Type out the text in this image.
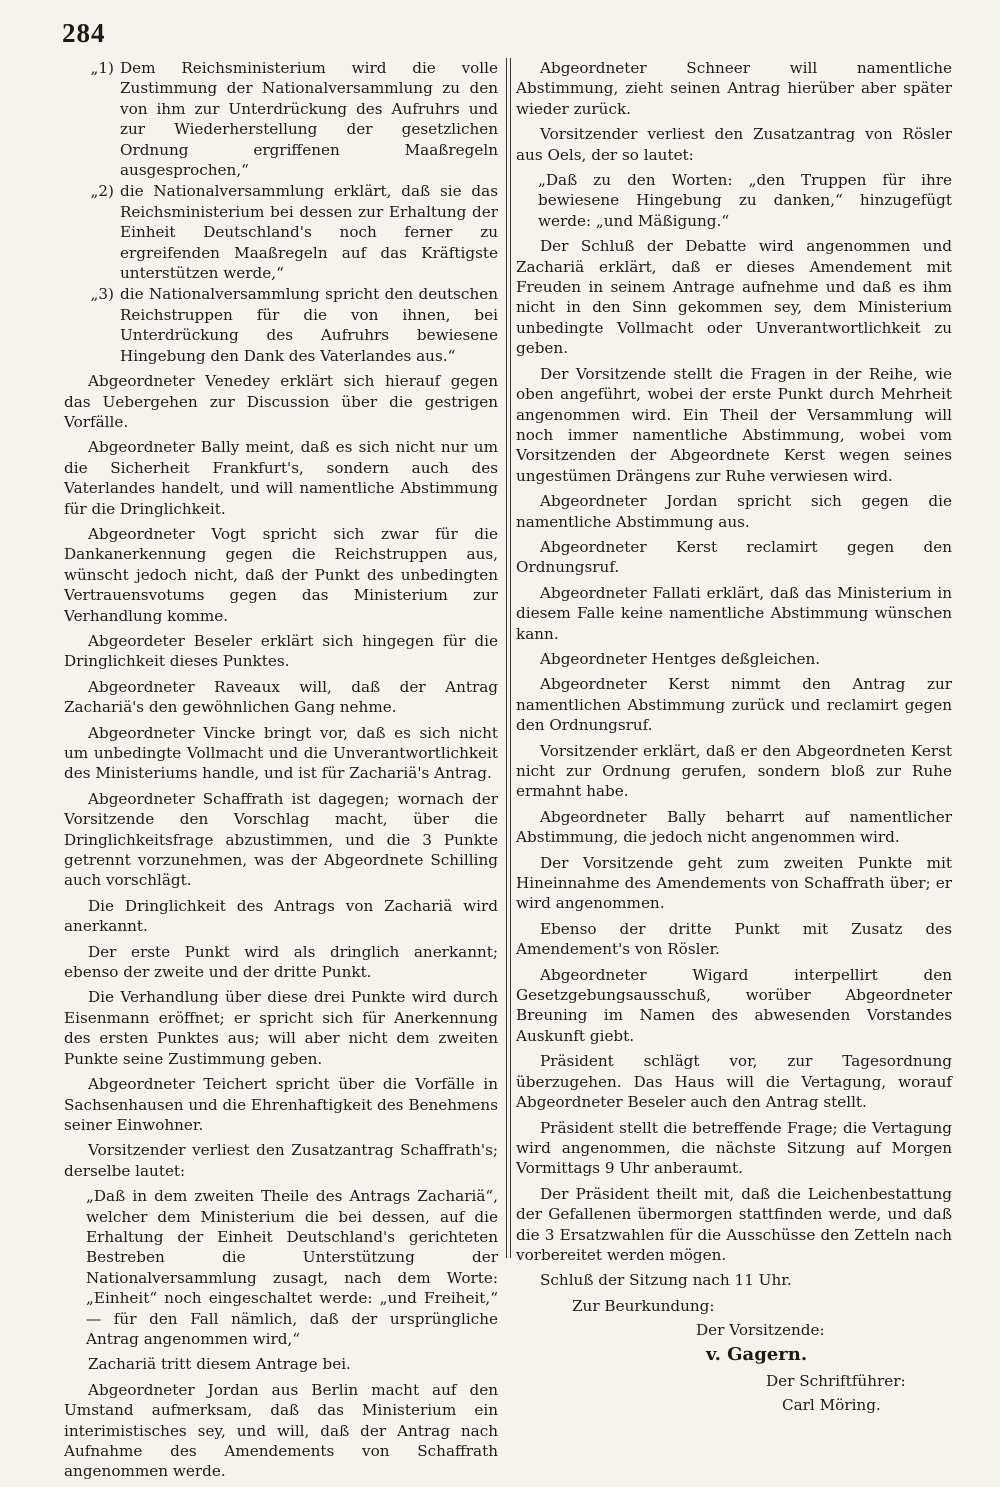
284
„1) Dem Reichsministerium wird die volle Zustimmung der Nationalversammlung zu den von ihm zur Unterdrückung des Aufruhrs und zur Wiederherstellung der gesetzlichen Ordnung ergriffenen Maaßregeln ausgesprochen,“
„2) die Nationalversammlung erklärt, daß sie das Reichsministerium bei dessen zur Erhaltung der Einheit Deutschland's noch ferner zu ergreifenden Maaßregeln auf das Kräftigste unterstützen werde,“
„3) die Nationalversammlung spricht den deutschen Reichstruppen für die von ihnen, bei Unterdrückung des Aufruhrs bewiesene Hingebung den Dank des Vaterlandes aus.“

Abgeordneter Venedey erklärt sich hierauf gegen das Uebergehen zur Discussion über die gestrigen Vorfälle.

Abgeordneter Bally meint, daß es sich nicht nur um die Sicherheit Frankfurt's, sondern auch des Vaterlandes handelt, und will namentliche Abstimmung für die Dringlichkeit.

Abgeordneter Vogt spricht sich zwar für die Dankanerkennung gegen die Reichstruppen aus, wünscht jedoch nicht, daß der Punkt des unbedingten Vertrauensvotums gegen das Ministerium zur Verhandlung komme.

Abgeordeter Beseler erklärt sich hingegen für die Dringlichkeit dieses Punktes.

Abgeordneter Raveaux will, daß der Antrag Zachariä's den gewöhnlichen Gang nehme.

Abgeordneter Vincke bringt vor, daß es sich nicht um unbedingte Vollmacht und die Unverantwortlichkeit des Ministeriums handle, und ist für Zachariä's Antrag.

Abgeordneter Schaffrath ist dagegen; wornach der Vorsitzende den Vorschlag macht, über die Dringlichkeitsfrage abzustimmen, und die 3 Punkte getrennt vorzunehmen, was der Abgeordnete Schilling auch vorschlägt.

Die Dringlichkeit des Antrags von Zachariä wird anerkannt.

Der erste Punkt wird als dringlich anerkannt; ebenso der zweite und der dritte Punkt.

Die Verhandlung über diese drei Punkte wird durch Eisenmann eröffnet; er spricht sich für Anerkennung des ersten Punktes aus; will aber nicht dem zweiten Punkte seine Zustimmung geben.

Abgeordneter Teichert spricht über die Vorfälle in Sachsenhausen und die Ehrenhaftigkeit des Benehmens seiner Einwohner.

Vorsitzender verliest den Zusatzantrag Schaffrath's; derselbe lautet:

„Daß in dem zweiten Theile des Antrags Zachariä“, welcher dem Ministerium die bei dessen, auf die Erhaltung der Einheit Deutschland's gerichteten Bestreben die Unterstützung der Nationalversammlung zusagt, nach dem Worte: „Einheit“ noch eingeschaltet werde: „und Freiheit,“ — für den Fall nämlich, daß der ursprüngliche Antrag angenommen wird,“

Zachariä tritt diesem Antrage bei.

Abgeordneter Jordan aus Berlin macht auf den Umstand aufmerksam, daß das Ministerium ein interimistisches sey, und will, daß der Antrag nach Aufnahme des Amendements von Schaffrath angenommen werde.

Abgeordneter Schneer will namentliche Abstimmung, zieht seinen Antrag hierüber aber später wieder zurück.

Vorsitzender verliest den Zusatzantrag von Rösler aus Oels, der so lautet:

„Daß zu den Worten: „den Truppen für ihre bewiesene Hingebung zu danken,“ hinzugefügt werde: „und Mäßigung.“

Der Schluß der Debatte wird angenommen und Zachariä erklärt, daß er dieses Amendement mit Freuden in seinem Antrage aufnehme und daß es ihm nicht in den Sinn gekommen sey, dem Ministerium unbedingte Vollmacht oder Unverantwortlichkeit zu geben.

Der Vorsitzende stellt die Fragen in der Reihe, wie oben angeführt, wobei der erste Punkt durch Mehrheit angenommen wird. Ein Theil der Versammlung will noch immer namentliche Abstimmung, wobei vom Vorsitzenden der Abgeordnete Kerst wegen seines ungestümen Drängens zur Ruhe verwiesen wird.

Abgeordneter Jordan spricht sich gegen die namentliche Abstimmung aus.

Abgeordneter Kerst reclamirt gegen den Ordnungsruf.

Abgeordneter Fallati erklärt, daß das Ministerium in diesem Falle keine namentliche Abstimmung wünschen kann.

Abgeordneter Hentges deßgleichen.

Abgeordneter Kerst nimmt den Antrag zur namentlichen Abstimmung zurück und reclamirt gegen den Ordnungsruf.

Vorsitzender erklärt, daß er den Abgeordneten Kerst nicht zur Ordnung gerufen, sondern bloß zur Ruhe ermahnt habe.

Abgeordneter Bally beharrt auf namentlicher Abstimmung, die jedoch nicht angenommen wird.

Der Vorsitzende geht zum zweiten Punkte mit Hineinnahme des Amendements von Schaffrath über; er wird angenommen.

Ebenso der dritte Punkt mit Zusatz des Amendement's von Rösler.

Abgeordneter Wigard interpellirt den Gesetzgebungsausschuß, worüber Abgeordneter Breuning im Namen des abwesenden Vorstandes Auskunft giebt.

Präsident schlägt vor, zur Tagesordnung überzugehen. Das Haus will die Vertagung, worauf Abgeordneter Beseler auch den Antrag stellt.

Präsident stellt die betreffende Frage; die Vertagung wird angenommen, die nächste Sitzung auf Morgen Vormittags 9 Uhr anberaumt.

Der Präsident theilt mit, daß die Leichenbestattung der Gefallenen übermorgen stattfinden werde, und daß die 3 Ersatzwahlen für die Ausschüsse den Zetteln nach vorbereitet werden mögen.

Schluß der Sitzung nach 11 Uhr.

Zur Beurkundung:

Der Vorsitzende:

v. Gagern.

Der Schriftführer:

Carl Möring.
